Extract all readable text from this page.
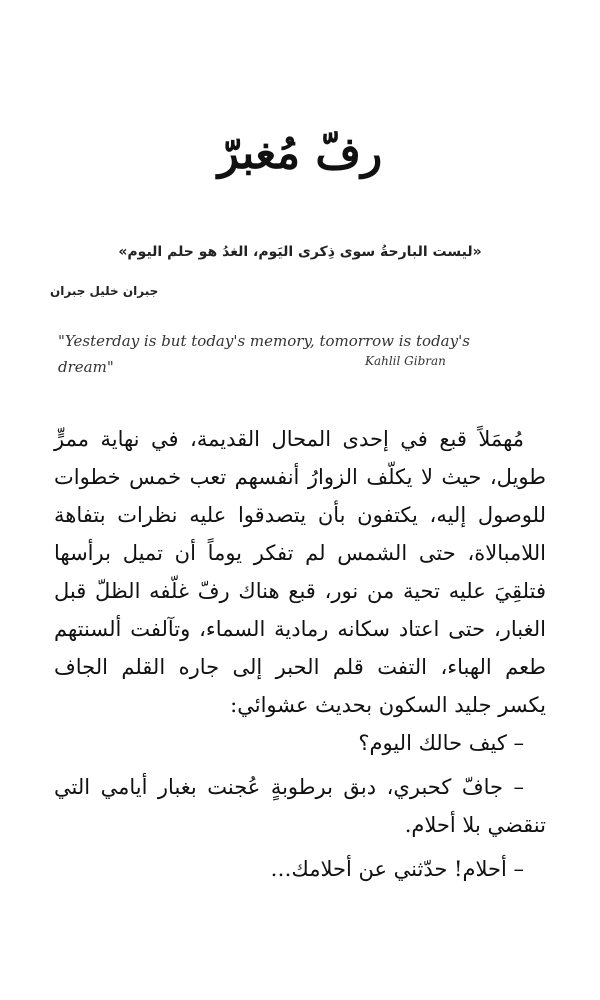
رفّ مُغبرّ

«ليست البارحةُ سوى ذِكرى اليَوم، الغدُ هو حلم اليوم»

جبران خليل جبران

"Yesterday is but today's memory, tomorrow is today's dream"	Kahlil Gibran

مُهمَلاً قبع في إحدى المحال القديمة، في نهاية ممرٍّ طويل، حيث لا يكلّف الزوارُ أنفسهم تعب خمس خطوات للوصول إليه، يكتفون بأن يتصدقوا عليه نظرات بتفاهة اللامبالاة، حتى الشمس لم تفكر يوماً أن تميل برأسها فتلقِيَ عليه تحية من نور، قبع هناك رفّ غلّفه الظلّ قبل الغبار، حتى اعتاد سكانه رمادية السماء، وتآلفت ألسنتهم طعم الهباء، التفت قلم الحبر إلى جاره القلم الجاف يكسر جليد السكون بحديث عشوائي:

– كيف حالك اليوم؟

– جافّ كحبري، دبق برطوبةٍ عُجنت بغبار أيامي التي تنقضي بلا أحلام.

– أحلام! حدّثني عن أحلامك…
